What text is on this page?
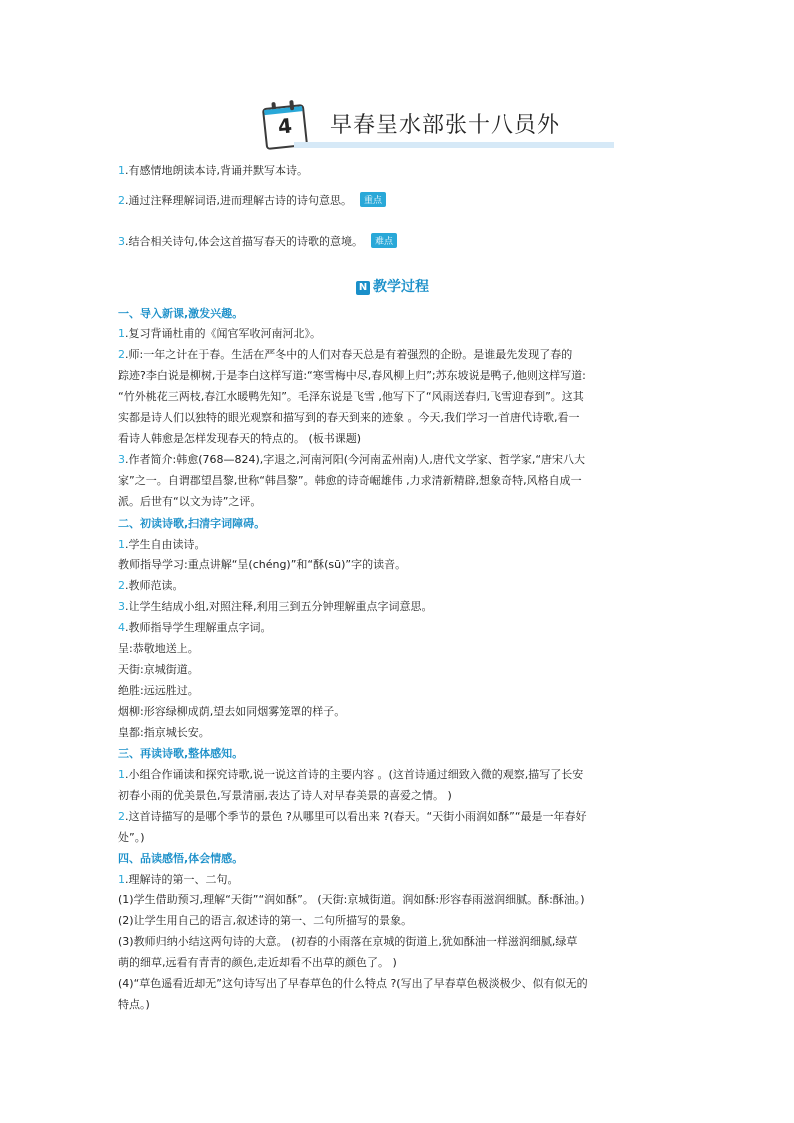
4	早春呈水部张十八员外
1.有感情地朗读本诗,背诵并默写本诗。
2.通过注释理解词语,进而理解古诗的诗句意思。 重点
3.结合相关诗句,体会这首描写春天的诗歌的意境。 难点
N 教学过程
一、导入新课,激发兴趣。
1.复习背诵杜甫的《闻官军收河南河北》。
2.师:一年之计在于春。生活在严冬中的人们对春天总是有着强烈的企盼。是谁最先发现了春的
踪迹?李白说是柳树,于是李白这样写道:“寒雪梅中尽,春风柳上归”;苏东坡说是鸭子,他则这样写道:
“竹外桃花三两枝,春江水暖鸭先知”。毛泽东说是飞雪 ,他写下了“风雨送春归,飞雪迎春到”。这其
实都是诗人们以独特的眼光观察和描写到的春天到来的迹象 。今天,我们学习一首唐代诗歌,看一
看诗人韩愈是怎样发现春天的特点的。 (板书课题)
3.作者简介:韩愈(768—824),字退之,河南河阳(今河南孟州南)人,唐代文学家、哲学家,“唐宋八大
家”之一。自谓郡望昌黎,世称“韩昌黎”。韩愈的诗奇崛雄伟 ,力求清新精辟,想象奇特,风格自成一
派。后世有“以文为诗”之评。
二、初读诗歌,扫清字词障碍。
1.学生自由读诗。
教师指导学习:重点讲解“呈(chéng)”和“酥(sū)”字的读音。
2.教师范读。
3.让学生结成小组,对照注释,利用三到五分钟理解重点字词意思。
4.教师指导学生理解重点字词。
呈:恭敬地送上。
天街:京城街道。
绝胜:远远胜过。
烟柳:形容绿柳成荫,望去如同烟雾笼罩的样子。
皇都:指京城长安。
三、再读诗歌,整体感知。
1.小组合作诵读和探究诗歌,说一说这首诗的主要内容 。(这首诗通过细致入微的观察,描写了长安
初春小雨的优美景色,写景清丽,表达了诗人对早春美景的喜爱之情。 )
2.这首诗描写的是哪个季节的景色 ?从哪里可以看出来 ?(春天。“天街小雨润如酥”“最是一年春好
处”。)
四、品读感悟,体会情感。
1.理解诗的第一、二句。
(1)学生借助预习,理解“天街”“润如酥”。 (天街:京城街道。润如酥:形容春雨滋润细腻。酥:酥油。)
(2)让学生用自己的语言,叙述诗的第一、二句所描写的景象。
(3)教师归纳小结这两句诗的大意。 (初春的小雨落在京城的街道上,犹如酥油一样滋润细腻,绿草
萌的细草,远看有青青的颜色,走近却看不出草的颜色了。 )
(4)“草色遥看近却无”这句诗写出了早春草色的什么特点 ?(写出了早春草色极淡极少、似有似无的
特点。)
